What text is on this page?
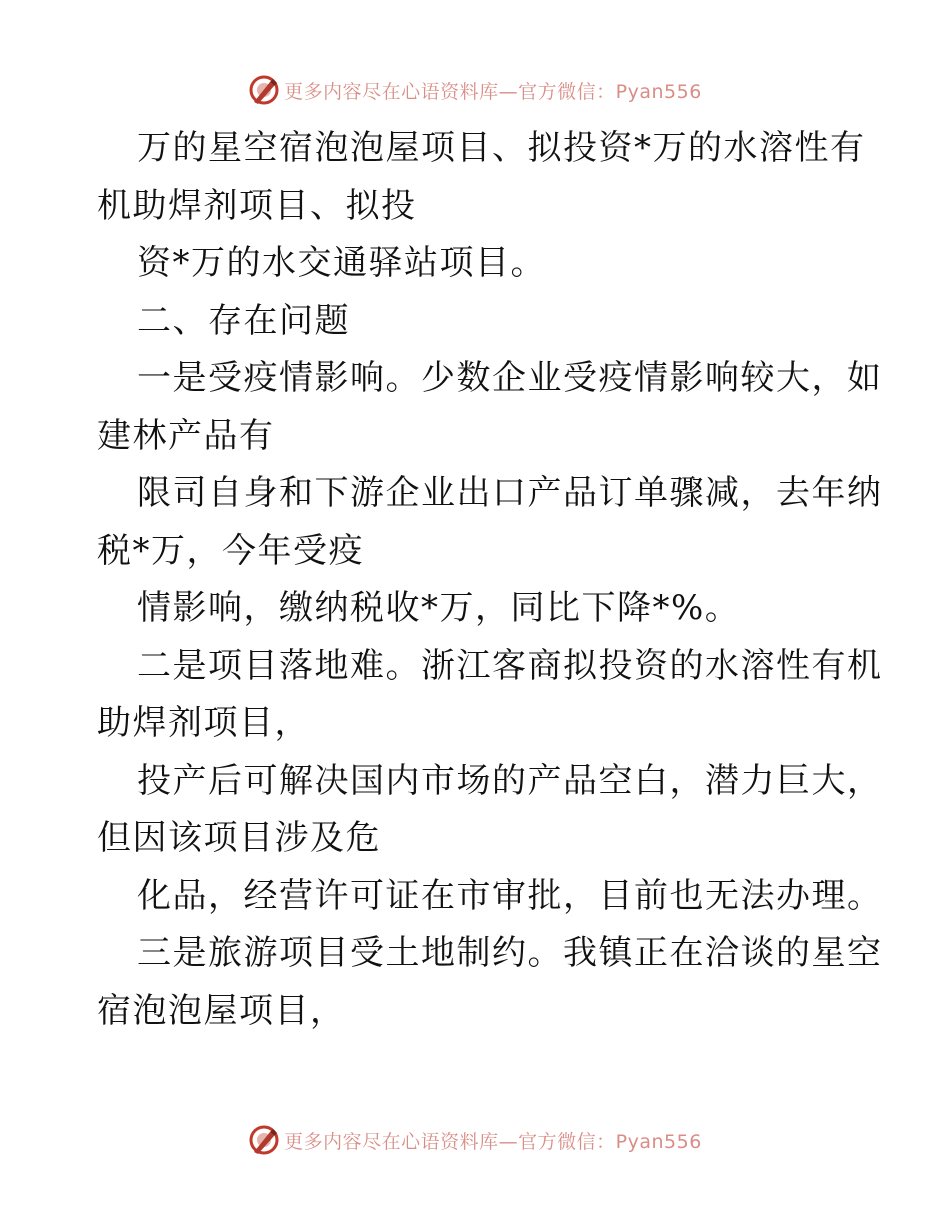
更多内容尽在心语资料库—官方微信：Pyan556
万的星空宿泡泡屋项目、拟投资*万的水溶性有
机助焊剂项目、拟投
资*万的水交通驿站项目。
二、存在问题
一是受疫情影响。少数企业受疫情影响较大，如
建林产品有
限司自身和下游企业出口产品订单骤减，去年纳
税*万，今年受疫
情影响，缴纳税收*万，同比下降*%。
二是项目落地难。浙江客商拟投资的水溶性有机
助焊剂项目，
投产后可解决国内市场的产品空白，潜力巨大，
但因该项目涉及危
化品，经营许可证在市审批，目前也无法办理。
三是旅游项目受土地制约。我镇正在洽谈的星空
宿泡泡屋项目，
更多内容尽在心语资料库—官方微信：Pyan556
